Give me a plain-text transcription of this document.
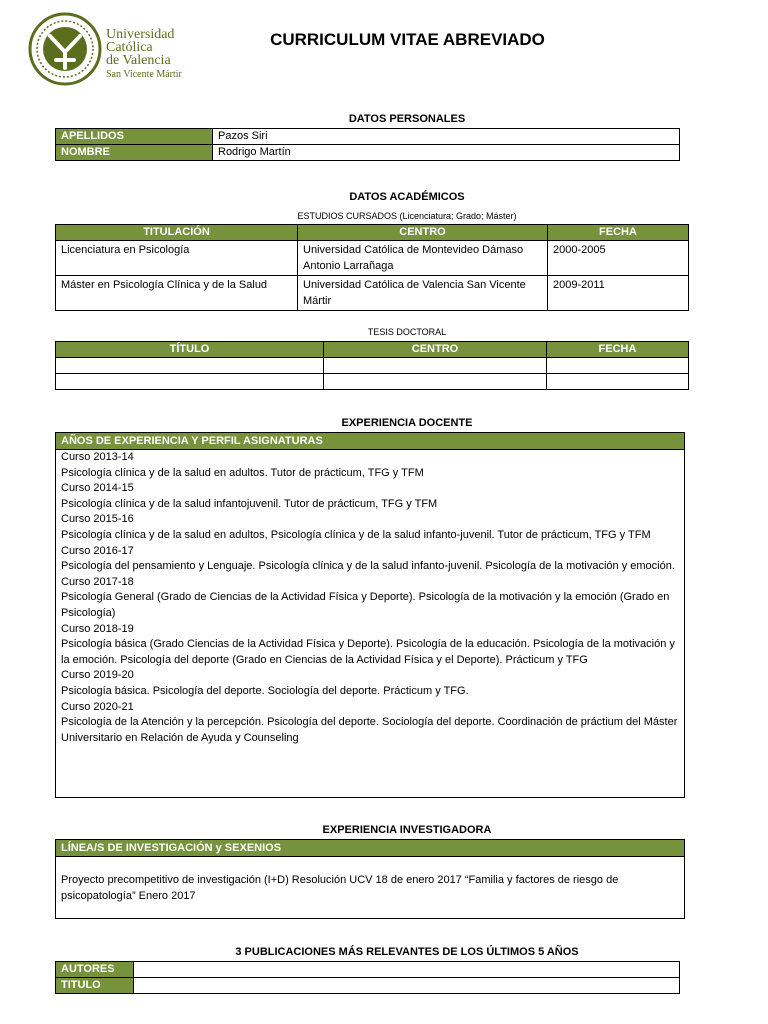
Universidad
Católica
de Valencia
San Vicente Mártir
CURRICULUM VITAE ABREVIADO
DATOS PERSONALES
APELLIDOS	Pazos Siri
NOMBRE	Rodrigo Martín
DATOS ACADÉMICOS
ESTUDIOS CURSADOS (Licenciatura; Grado; Máster)
TITULACIÓN	CENTRO	FECHA
Licenciatura en Psicología	Universidad Católica de Montevideo Dámaso Antonio Larrañaga	2000-2005
Máster en Psicología Clínica y de la Salud	Universidad Católica de Valencia San Vicente Mártir	2009-2011
TESIS DOCTORAL
TÍTULO	CENTRO	FECHA

EXPERIENCIA DOCENTE
AÑOS DE EXPERIENCIA Y PERFIL ASIGNATURAS
Curso 2013-14
Psicología clínica y de la salud en adultos. Tutor de prácticum, TFG y TFM
Curso 2014-15
Psicología clínica y de la salud infantojuvenil. Tutor de prácticum, TFG y TFM
Curso 2015-16
Psicología clínica y de la salud en adultos, Psicología clínica y de la salud infanto-juvenil. Tutor de prácticum, TFG y TFM
Curso 2016-17
Psicología del pensamiento y Lenguaje. Psicología clínica y de la salud infanto-juvenil. Psicología de la motivación y emoción.
Curso 2017-18
Psicología General (Grado de Ciencias de la Actividad Física y Deporte). Psicología de la motivación y la emoción (Grado en Psicología)
Curso 2018-19
Psicología básica (Grado Ciencias de la Actividad Física y Deporte). Psicología de la educación. Psicología de la motivación y la emoción. Psicología del deporte (Grado en Ciencias de la Actividad Física y el Deporte). Prácticum y TFG
Curso 2019-20
Psicología básica. Psicología del deporte. Sociología del deporte. Prácticum y TFG.
Curso 2020-21
Psicología de la Atención y la percepción. Psicología del deporte. Sociología del deporte. Coordinación de práctium del Máster Universitario en Relación de Ayuda y Counseling
EXPERIENCIA INVESTIGADORA
LÍNEA/S DE INVESTIGACIÓN y SEXENIOS
Proyecto precompetitivo de investigación (I+D) Resolución UCV 18 de enero 2017 “Familia y factores de riesgo de psicopatología” Enero 2017
3 PUBLICACIONES MÁS RELEVANTES DE LOS ÚLTIMOS 5 AÑOS
AUTORES	
TITULO	
